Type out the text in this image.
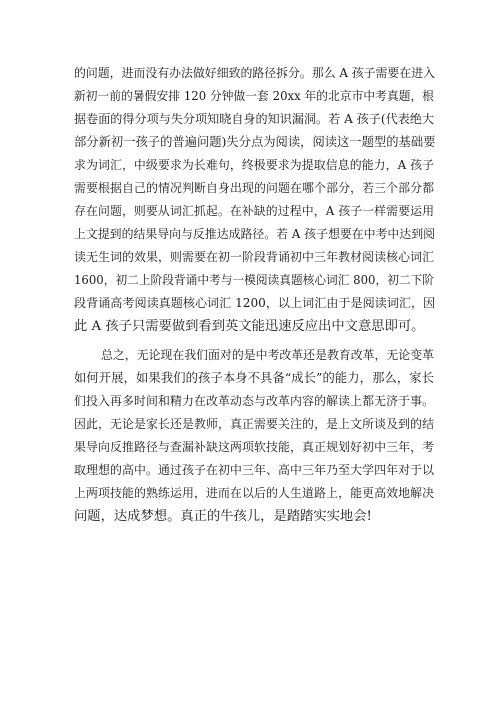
的问题，进而没有办法做好细致的路径拆分。那么 A 孩子需要在进入
新初一前的暑假安排 120 分钟做一套 20xx 年的北京市中考真题，根
据卷面的得分项与失分项知晓自身的知识漏洞。若 A 孩子(代表绝大
部分新初一孩子的普遍问题)失分点为阅读，阅读这一题型的基础要
求为词汇，中级要求为长难句，终极要求为提取信息的能力，A 孩子
需要根据自己的情况判断自身出现的问题在哪个部分，若三个部分都
存在问题，则要从词汇抓起。在补缺的过程中，A 孩子一样需要运用
上文提到的结果导向与反推达成路径。若 A 孩子想要在中考中达到阅
读无生词的效果，则需要在初一阶段背诵初中三年教材阅读核心词汇
1600，初二上阶段背诵中考与一模阅读真题核心词汇 800，初二下阶
段背诵高考阅读真题核心词汇 1200，以上词汇由于是阅读词汇，因
此 A 孩子只需要做到看到英文能迅速反应出中文意思即可。
总之，无论现在我们面对的是中考改革还是教育改革，无论变革
如何开展，如果我们的孩子本身不具备“成长”的能力，那么，家长
们投入再多时间和精力在改革动态与改革内容的解读上都无济于事。
因此，无论是家长还是教师，真正需要关注的，是上文所谈及到的结
果导向反推路径与查漏补缺这两项软技能，真正规划好初中三年，考
取理想的高中。通过孩子在初中三年、高中三年乃至大学四年对于以
上两项技能的熟练运用，进而在以后的人生道路上，能更高效地解决
问题，达成梦想。真正的牛孩儿，是踏踏实实地会!
